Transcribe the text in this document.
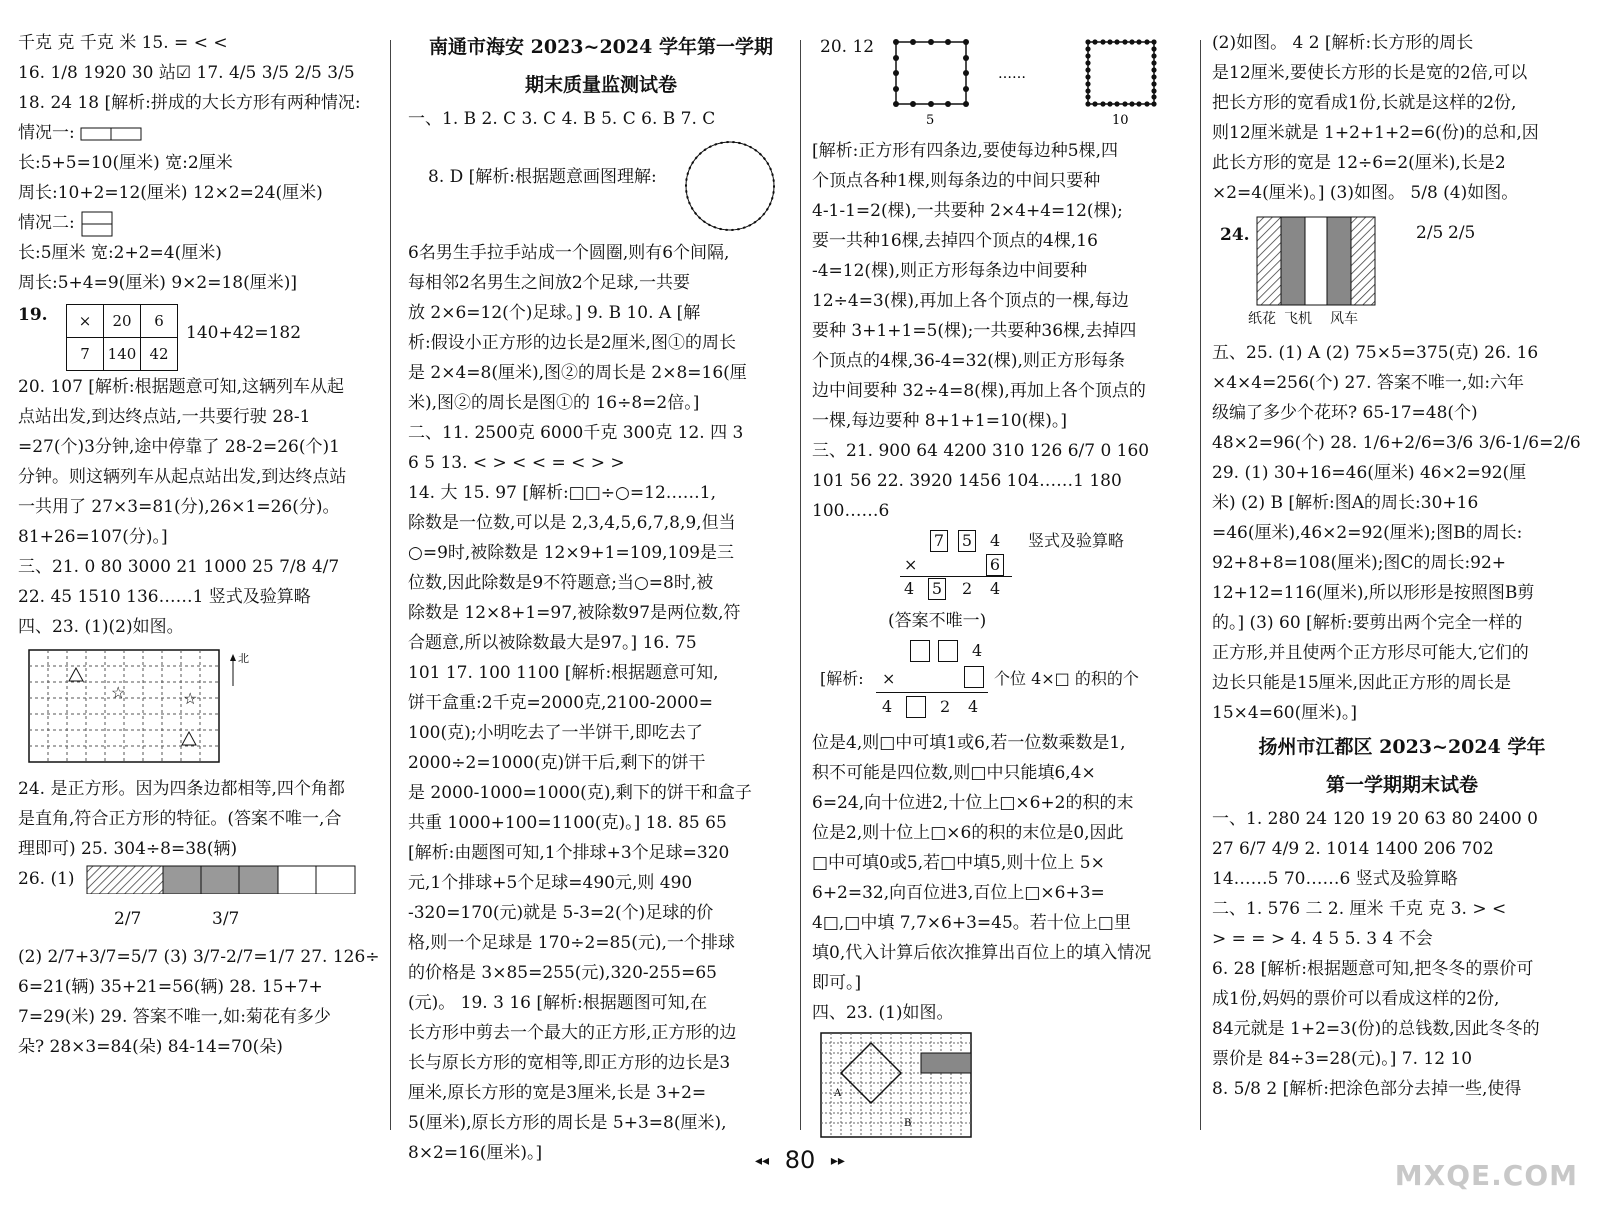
千克 克 千克 米 15. = < <
16. 1/8 1920 30 站☑ 17. 4/5 3/5 2/5 3/5
18. 24 18 [解析:拼成的大长方形有两种情况:
情况一:
长:5+5=10(厘米) 宽:2厘米
周长:10+2=12(厘米) 12×2=24(厘米)
情况二:
长:5厘米 宽:2+2=4(厘米)
周长:5+4=9(厘米) 9×2=18(厘米)]
19. ×	20	6
7	140	42
140+42=182
20. 107 [解析:根据题意可知,这辆列车从起
点站出发,到达终点站,一共要行驶 28-1
=27(个)3分钟,途中停靠了 28-2=26(个)1
分钟。则这辆列车从起点站出发,到达终点站
一共用了 27×3=81(分),26×1=26(分)。
81+26=107(分)。]
三、21. 0 80 3000 21 1000 25 7/8 4/7
22. 45 1510 136……1 竖式及验算略
四、23. (1)(2)如图。
☆	☆
北
24. 是正方形。因为四条边都相等,四个角都
是直角,符合正方形的特征。(答案不唯一,合
理即可) 25. 304÷8=38(辆)
26. (1)
2/7	3/7
(2) 2/7+3/7=5/7 (3) 3/7-2/7=1/7 27. 126÷
6=21(辆) 35+21=56(辆) 28. 15+7+
7=29(米) 29. 答案不唯一,如:菊花有多少
朵? 28×3=84(朵) 84-14=70(朵)
南通市海安 2023~2024 学年第一学期
期末质量监测试卷
一、1. B 2. C 3. C 4. B 5. C 6. B 7. C
8. D [解析:根据题意画图理解:
6名男生手拉手站成一个圆圈,则有6个间隔,
每相邻2名男生之间放2个足球,一共要
放 2×6=12(个)足球。] 9. B 10. A [解
析:假设小正方形的边长是2厘米,图①的周长
是 2×4=8(厘米),图②的周长是 2×8=16(厘
米),图②的周长是图①的 16÷8=2倍。]
二、11. 2500克 6000千克 300克 12. 四 3
6 5 13. < > < < = < > >
14. 大 15. 97 [解析:□□÷○=12……1,
除数是一位数,可以是 2,3,4,5,6,7,8,9,但当
○=9时,被除数是 12×9+1=109,109是三
位数,因此除数是9不符题意;当○=8时,被
除数是 12×8+1=97,被除数97是两位数,符
合题意,所以被除数最大是97。] 16. 75
101 17. 100 1100 [解析:根据题意可知,
饼干盒重:2千克=2000克,2100-2000=
100(克);小明吃去了一半饼干,即吃去了
2000÷2=1000(克)饼干后,剩下的饼干
是 2000-1000=1000(克),剩下的饼干和盒子
共重 1000+100=1100(克)。] 18. 85 65
[解析:由题图可知,1个排球+3个足球=320
元,1个排球+5个足球=490元,则 490
-320=170(元)就是 5-3=2(个)足球的价
格,则一个足球是 170÷2=85(元),一个排球
的价格是 3×85=255(元),320-255=65
(元)。 19. 3 16 [解析:根据题图可知,在
长方形中剪去一个最大的正方形,正方形的边
长与原长方形的宽相等,即正方形的边长是3
厘米,原长方形的宽是3厘米,长是 3+2=
5(厘米),原长方形的周长是 5+3=8(厘米),
8×2=16(厘米)。]
20. 12
5
……
10
[解析:正方形有四条边,要使每边种5棵,四
个顶点各种1棵,则每条边的中间只要种
4-1-1=2(棵),一共要种 2×4+4=12(棵);
要一共种16棵,去掉四个顶点的4棵,16
-4=12(棵),则正方形每条边中间要种
12÷4=3(棵),再加上各个顶点的一棵,每边
要种 3+1+1=5(棵);一共要种36棵,去掉四
个顶点的4棵,36-4=32(棵),则正方形每条
边中间要种 32÷4=8(棵),再加上各个顶点的
一棵,每边要种 8+1+1=10(棵)。]
三、21. 900 64 4200 310 126 6/7 0 160
101 56 22. 3920 1456 104……1 180
100……6
7 5 4 竖式及验算略
×	6
4 5 2 4
(答案不唯一)
4
[解析: ×	个位 4×□ 的积的个
4	2 4
位是4,则□中可填1或6,若一位数乘数是1,
积不可能是四位数,则□中只能填6,4×
6=24,向十位进2,十位上□×6+2的积的末
位是2,则十位上□×6的积的末位是0,因此
□中可填0或5,若□中填5,则十位上 5×
6+2=32,向百位进3,百位上□×6+3=
4□,□中填 7,7×6+3=45。若十位上□里
填0,代入计算后依次推算出百位上的填入情况
即可。]
四、23. (1)如图。
A
B
(2)如图。 4 2 [解析:长方形的周长
是12厘米,要使长方形的长是宽的2倍,可以
把长方形的宽看成1份,长就是这样的2份,
则12厘米就是 1+2+1+2=6(份)的总和,因
此长方形的宽是 12÷6=2(厘米),长是2
×2=4(厘米)。] (3)如图。 5/8 (4)如图。
24.	2/5 2/5
纸花 飞机 风车
五、25. (1) A (2) 75×5=375(克) 26. 16
×4×4=256(个) 27. 答案不唯一,如:六年
级编了多少个花环? 65-17=48(个)
48×2=96(个) 28. 1/6+2/6=3/6 3/6-1/6=2/6
29. (1) 30+16=46(厘米) 46×2=92(厘
米) (2) B [解析:图A的周长:30+16
=46(厘米),46×2=92(厘米);图B的周长:
92+8+8=108(厘米);图C的周长:92+
12+12=116(厘米),所以形形是按照图B剪
的。] (3) 60 [解析:要剪出两个完全一样的
正方形,并且使两个正方形尽可能大,它们的
边长只能是15厘米,因此正方形的周长是
15×4=60(厘米)。]
扬州市江都区 2023~2024 学年
第一学期期末试卷
一、1. 280 24 120 19 20 63 80 2400 0
27 6/7 4/9 2. 1014 1400 206 702
14……5 70……6 竖式及验算略
二、1. 576 二 2. 厘米 千克 克 3. > <
> = = > 4. 4 5 5. 3 4 不会
6. 28 [解析:根据题意可知,把冬冬的票价可
成1份,妈妈的票价可以看成这样的2份,
84元就是 1+2=3(份)的总钱数,因此冬冬的
票价是 84÷3=28(元)。] 7. 12 10
8. 5/8 2 [解析:把涂色部分去掉一些,使得
◂◂ 80 ▸▸	MXQE.COM
